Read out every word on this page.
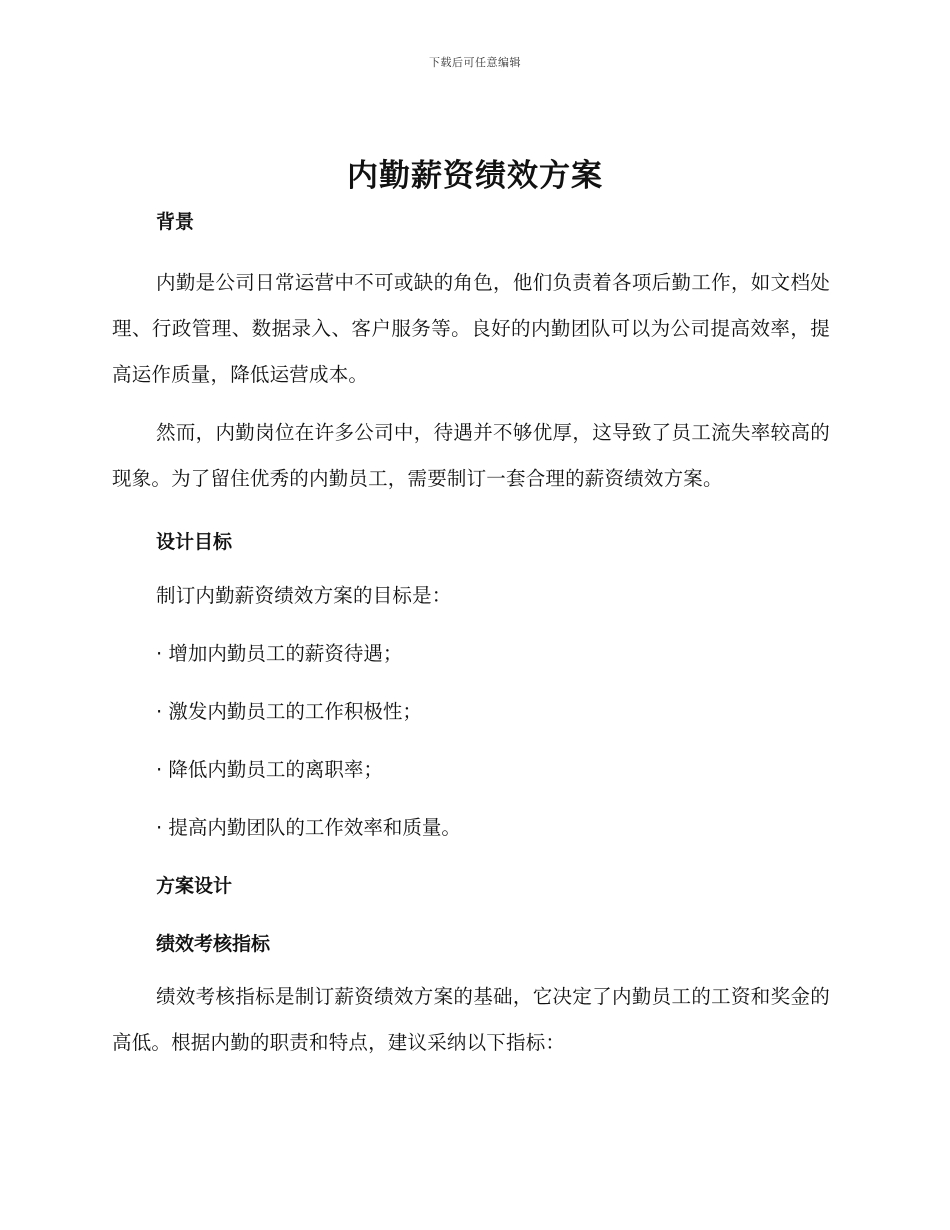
下载后可任意编辑
内勤薪资绩效方案

背景

内勤是公司日常运营中不可或缺的角色，他们负责着各项后勤工作，如文档处理、行政管理、数据录入、客户服务等。良好的内勤团队可以为公司提高效率，提高运作质量，降低运营成本。

然而，内勤岗位在许多公司中，待遇并不够优厚，这导致了员工流失率较高的现象。为了留住优秀的内勤员工，需要制订一套合理的薪资绩效方案。

设计目标

制订内勤薪资绩效方案的目标是：

· 增加内勤员工的薪资待遇；

· 激发内勤员工的工作积极性；

· 降低内勤员工的离职率；

· 提高内勤团队的工作效率和质量。

方案设计

绩效考核指标

绩效考核指标是制订薪资绩效方案的基础，它决定了内勤员工的工资和奖金的高低。根据内勤的职责和特点，建议采纳以下指标：
